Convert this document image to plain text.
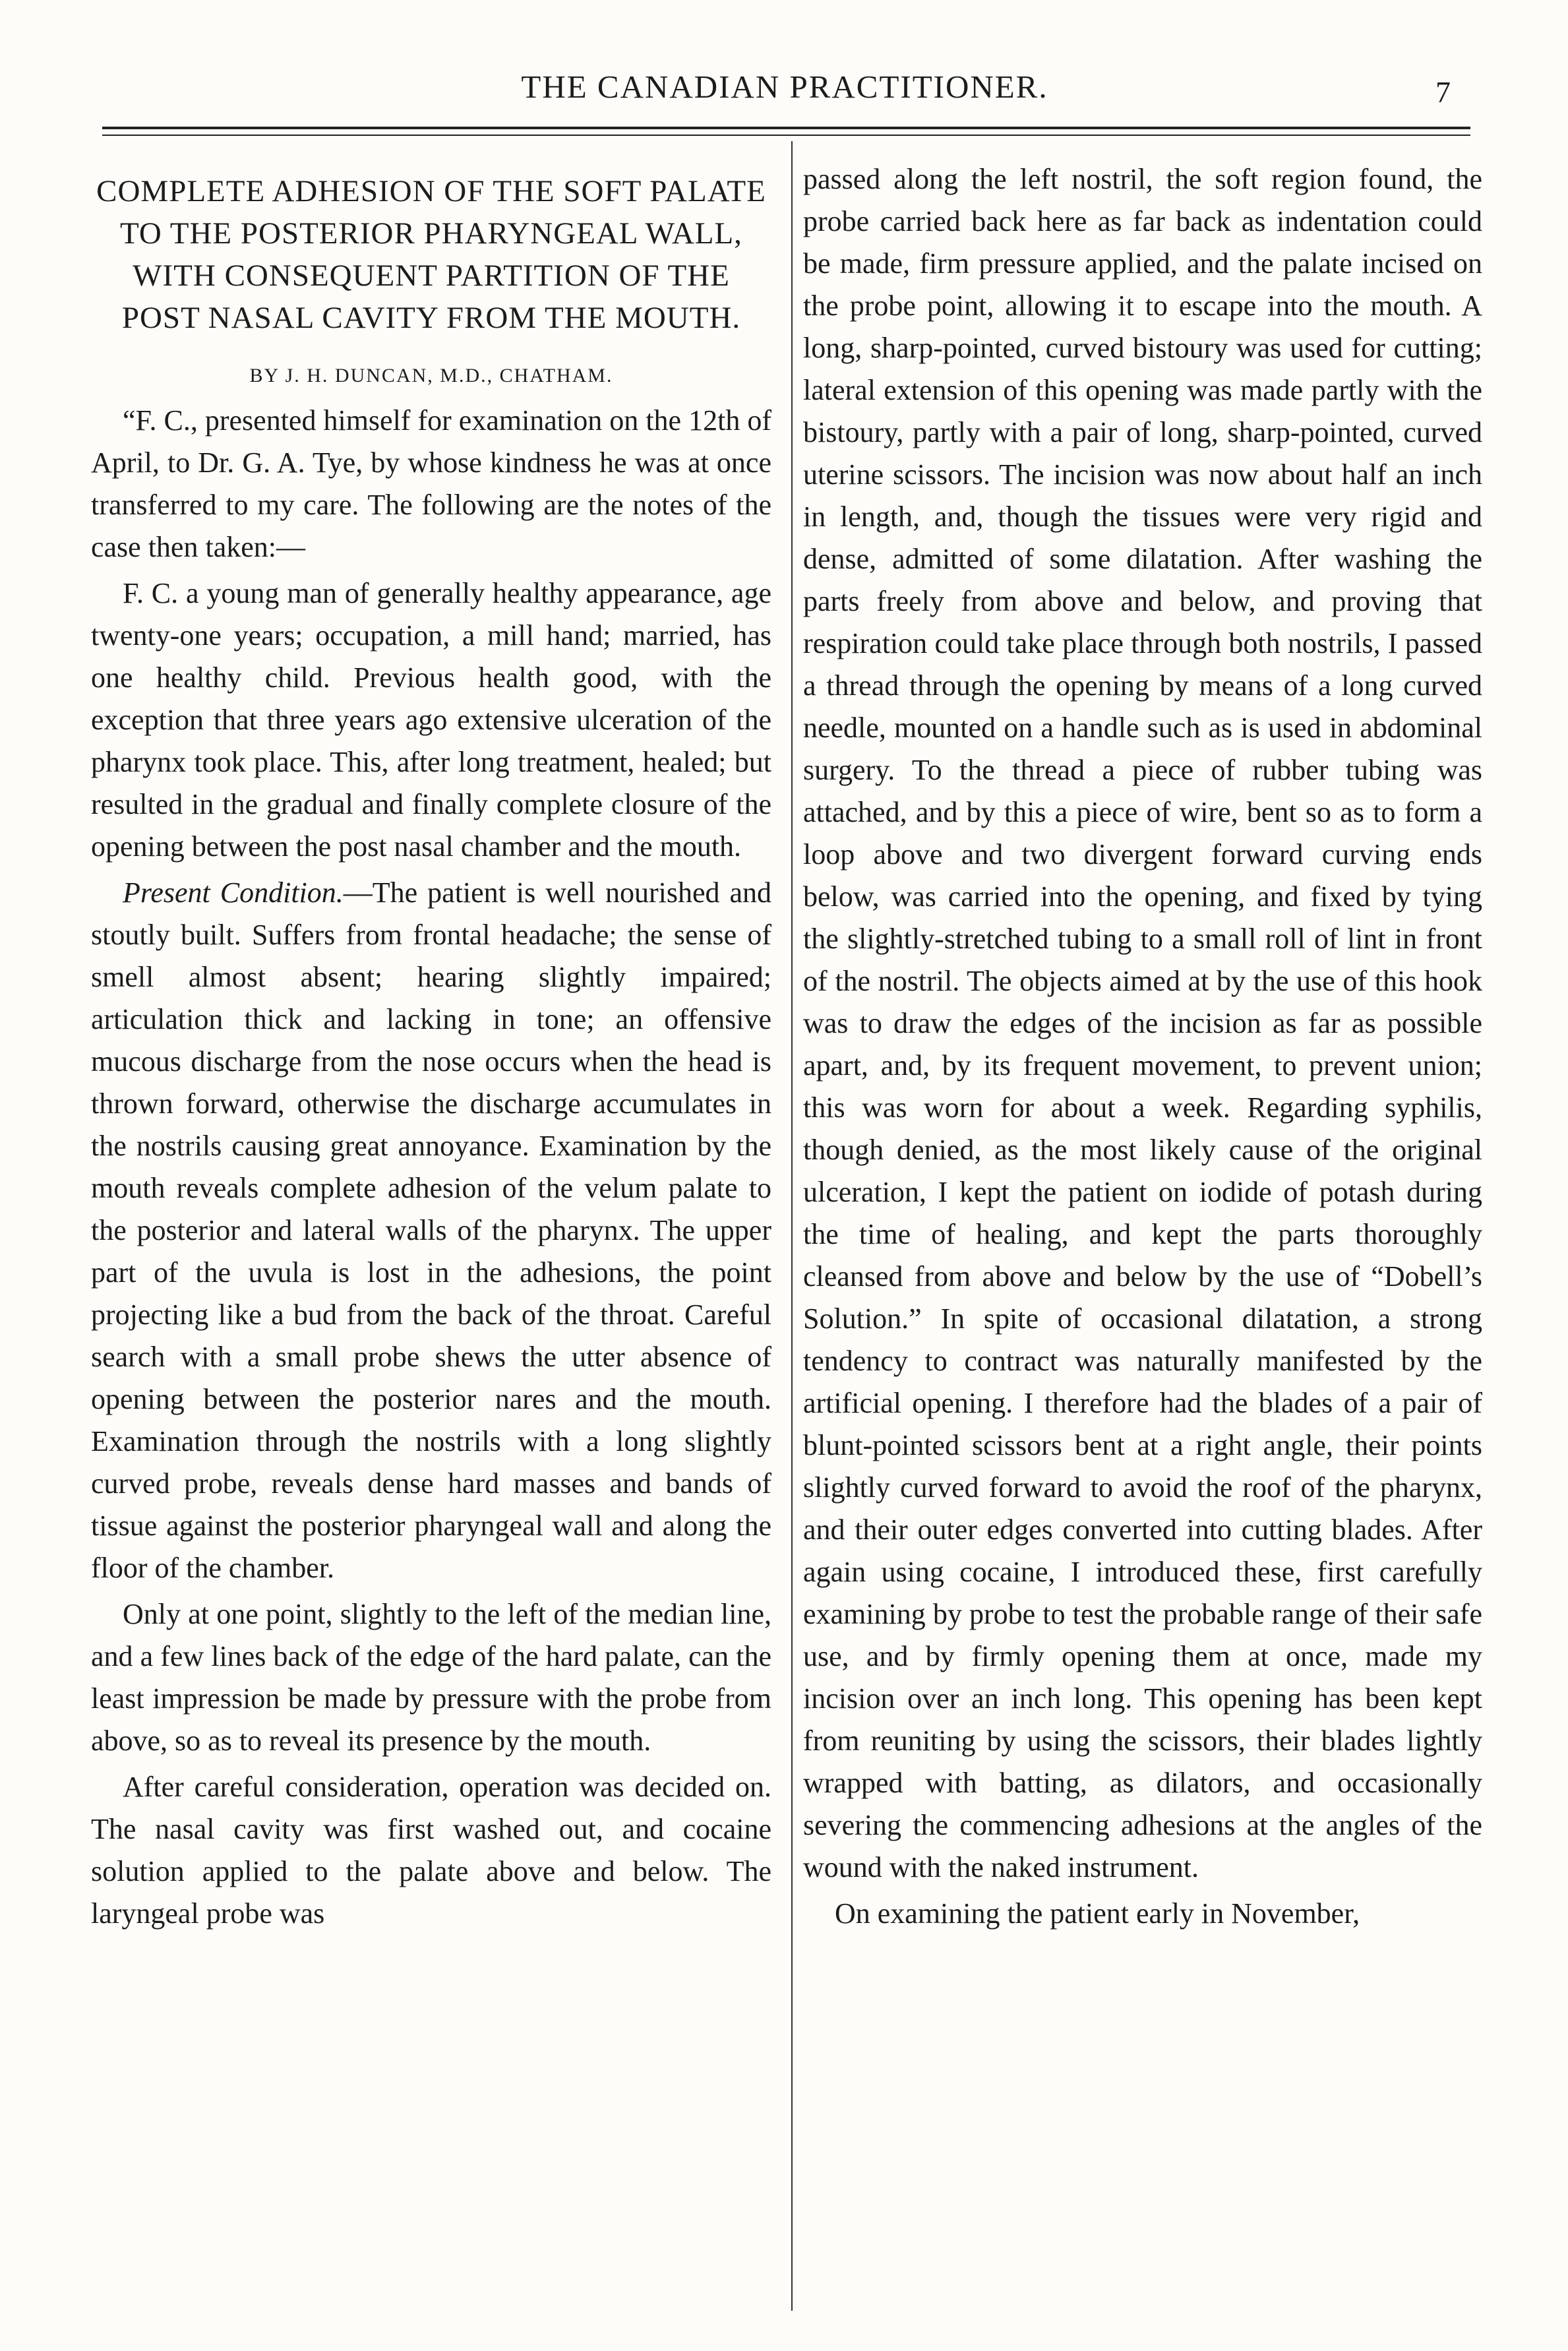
THE CANADIAN PRACTITIONER.	7
COMPLETE ADHESION OF THE SOFT PALATE TO THE POSTERIOR PHARYNGEAL WALL, WITH CONSEQUENT PARTITION OF THE POST NASAL CAVITY FROM THE MOUTH.
BY J. H. DUNCAN, M.D., CHATHAM.

“F. C., presented himself for examination on the 12th of April, to Dr. G. A. Tye, by whose kindness he was at once transferred to my care. The following are the notes of the case then taken:—

F. C. a young man of generally healthy appearance, age twenty-one years; occupation, a mill hand; married, has one healthy child. Previous health good, with the exception that three years ago extensive ulceration of the pharynx took place. This, after long treatment, healed; but resulted in the gradual and finally complete closure of the opening between the post nasal chamber and the mouth.

Present Condition.—The patient is well nourished and stoutly built. Suffers from frontal headache; the sense of smell almost absent; hearing slightly impaired; articulation thick and lacking in tone; an offensive mucous discharge from the nose occurs when the head is thrown forward, otherwise the discharge accumulates in the nostrils causing great annoyance. Examination by the mouth reveals complete adhesion of the velum palate to the posterior and lateral walls of the pharynx. The upper part of the uvula is lost in the adhesions, the point projecting like a bud from the back of the throat. Careful search with a small probe shews the utter absence of opening between the posterior nares and the mouth. Examination through the nostrils with a long slightly curved probe, reveals dense hard masses and bands of tissue against the posterior pharyngeal wall and along the floor of the chamber.

Only at one point, slightly to the left of the median line, and a few lines back of the edge of the hard palate, can the least impression be made by pressure with the probe from above, so as to reveal its presence by the mouth.

After careful consideration, operation was decided on. The nasal cavity was first washed out, and cocaine solution applied to the palate above and below. The laryngeal probe was

passed along the left nostril, the soft region found, the probe carried back here as far back as indentation could be made, firm pressure applied, and the palate incised on the probe point, allowing it to escape into the mouth. A long, sharp-pointed, curved bistoury was used for cutting; lateral extension of this opening was made partly with the bistoury, partly with a pair of long, sharp-pointed, curved uterine scissors. The incision was now about half an inch in length, and, though the tissues were very rigid and dense, admitted of some dilatation. After washing the parts freely from above and below, and proving that respiration could take place through both nostrils, I passed a thread through the opening by means of a long curved needle, mounted on a handle such as is used in abdominal surgery. To the thread a piece of rubber tubing was attached, and by this a piece of wire, bent so as to form a loop above and two divergent forward curving ends below, was carried into the opening, and fixed by tying the slightly-stretched tubing to a small roll of lint in front of the nostril. The objects aimed at by the use of this hook was to draw the edges of the incision as far as possible apart, and, by its frequent movement, to prevent union; this was worn for about a week. Regarding syphilis, though denied, as the most likely cause of the original ulceration, I kept the patient on iodide of potash during the time of healing, and kept the parts thoroughly cleansed from above and below by the use of “Dobell’s Solution.” In spite of occasional dilatation, a strong tendency to contract was naturally manifested by the artificial opening. I therefore had the blades of a pair of blunt-pointed scissors bent at a right angle, their points slightly curved forward to avoid the roof of the pharynx, and their outer edges converted into cutting blades. After again using cocaine, I introduced these, first carefully examining by probe to test the probable range of their safe use, and by firmly opening them at once, made my incision over an inch long. This opening has been kept from reuniting by using the scissors, their blades lightly wrapped with batting, as dilators, and occasionally severing the commencing adhesions at the angles of the wound with the naked instrument.

On examining the patient early in November,
